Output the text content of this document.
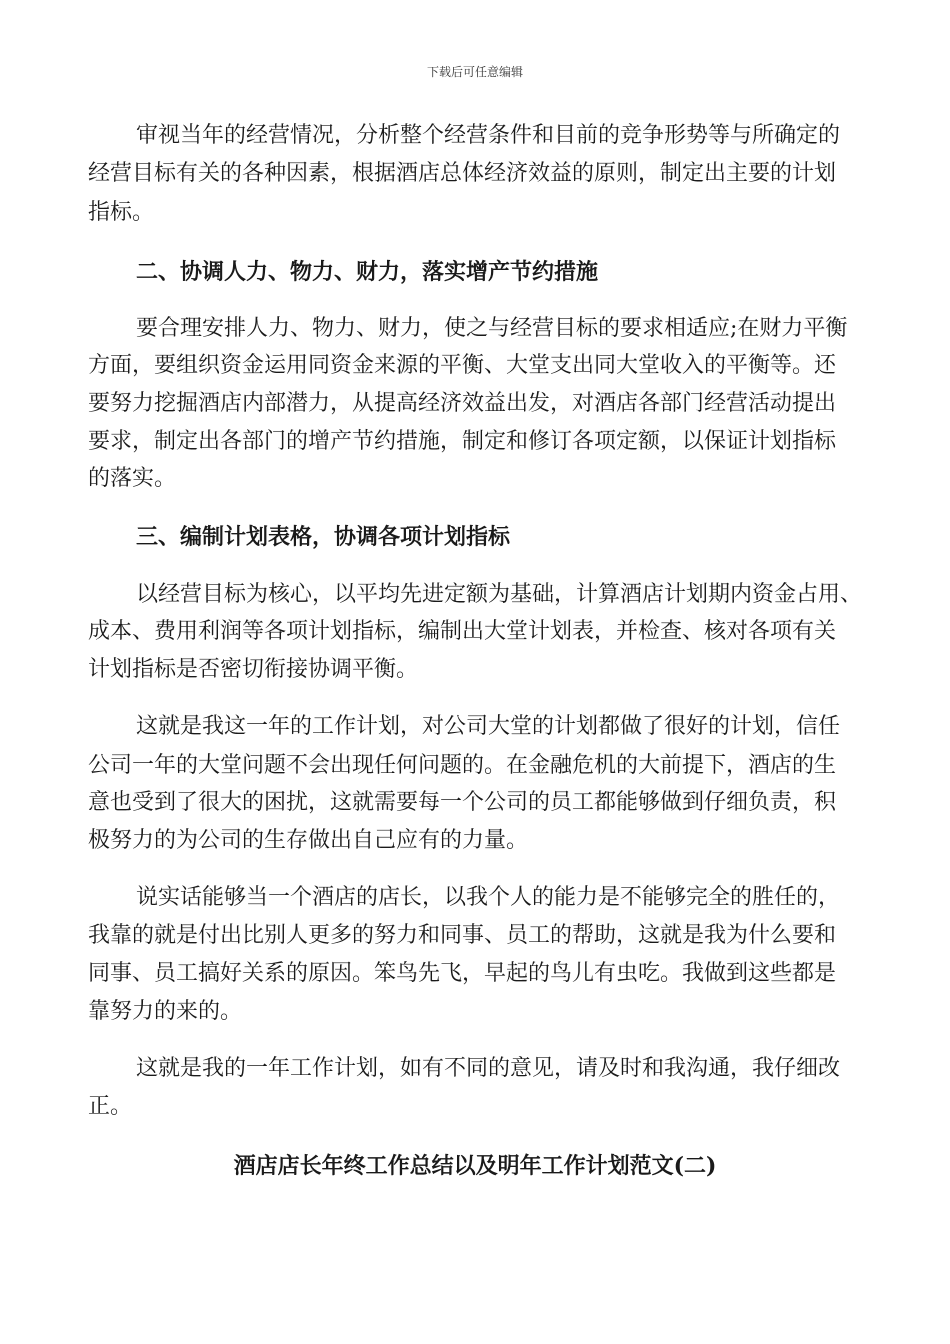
下载后可任意编辑
审视当年的经营情况，分析整个经营条件和目前的竞争形势等与所确定的
经营目标有关的各种因素，根据酒店总体经济效益的原则，制定出主要的计划
指标。
二、协调人力、物力、财力，落实增产节约措施
要合理安排人力、物力、财力，使之与经营目标的要求相适应;在财力平衡
方面，要组织资金运用同资金来源的平衡、大堂支出同大堂收入的平衡等。还
要努力挖掘酒店内部潜力，从提高经济效益出发，对酒店各部门经营活动提出
要求，制定出各部门的增产节约措施，制定和修订各项定额，以保证计划指标
的落实。
三、编制计划表格，协调各项计划指标
以经营目标为核心，以平均先进定额为基础，计算酒店计划期内资金占用、
成本、费用利润等各项计划指标，编制出大堂计划表，并检查、核对各项有关
计划指标是否密切衔接协调平衡。
这就是我这一年的工作计划，对公司大堂的计划都做了很好的计划，信任
公司一年的大堂问题不会出现任何问题的。在金融危机的大前提下，酒店的生
意也受到了很大的困扰，这就需要每一个公司的员工都能够做到仔细负责，积
极努力的为公司的生存做出自己应有的力量。
说实话能够当一个酒店的店长，以我个人的能力是不能够完全的胜任的，
我靠的就是付出比别人更多的努力和同事、员工的帮助，这就是我为什么要和
同事、员工搞好关系的原因。笨鸟先飞，早起的鸟儿有虫吃。我做到这些都是
靠努力的来的。
这就是我的一年工作计划，如有不同的意见，请及时和我沟通，我仔细改
正。
酒店店长年终工作总结以及明年工作计划范文(二)
